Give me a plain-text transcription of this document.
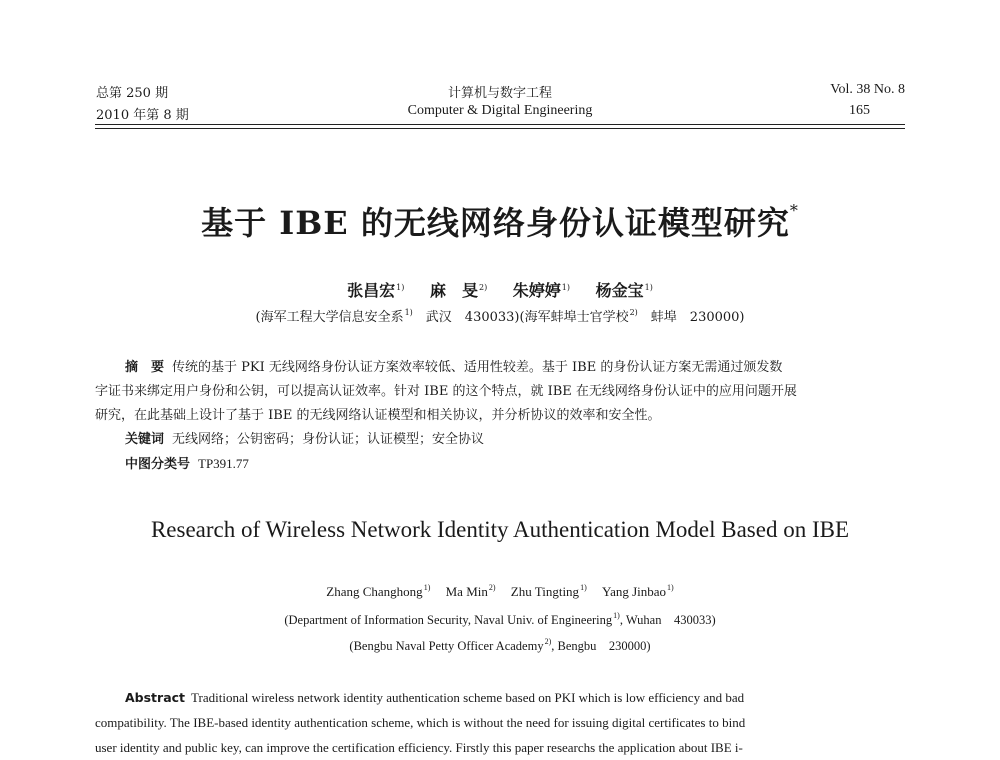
总第 250 期
2010 年第 8 期
计算机与数字工程
Computer & Digital Engineering
Vol. 38 No. 8
165
基于 IBE 的无线网络身份认证模型研究*
张昌宏$^{1)}$ 麻　旻$^{2)}$ 朱婷婷$^{1)}$ 杨金宝$^{1)}$
(海军工程大学信息安全系$^{1)}$　武汉　430033)(海军蚌埠士官学校$^{2)}$　蚌埠　230000)
摘　要 传统的基于 PKI 无线网络身份认证方案效率较低、适用性较差。基于 IBE 的身份认证方案无需通过颁发数
字证书来绑定用户身份和公钥，可以提高认证效率。针对 IBE 的这个特点，就 IBE 在无线网络身份认证中的应用问题开展
研究，在此基础上设计了基于 IBE 的无线网络认证模型和相关协议，并分析协议的效率和安全性。
关键词 无线网络；公钥密码；身份认证；认证模型；安全协议
中图分类号 TP391.77
Research of Wireless Network Identity Authentication Model Based on IBE
Zhang Changhong$^{1)}$ Ma Min$^{2)}$ Zhu Tingting$^{1)}$ Yang Jinbao$^{1)}$
(Department of Information Security, Naval Univ. of Engineering$^{1)}$, Wuhan　430033)
(Bengbu Naval Petty Officer Academy$^{2)}$, Bengbu　230000)
Abstract Traditional wireless network identity authentication scheme based on PKI which is low efficiency and bad
compatibility. The IBE-based identity authentication scheme, which is without the need for issuing digital certificates to bind
user identity and public key, can improve the certification efficiency. Firstly this paper researchs the application about IBE i-
